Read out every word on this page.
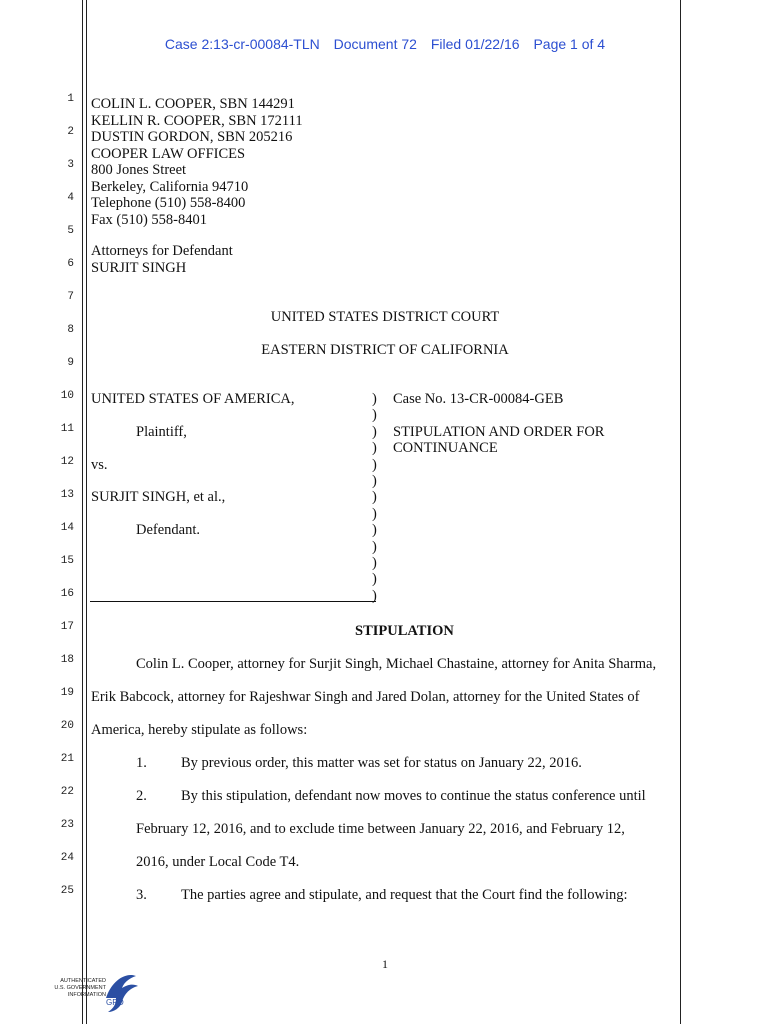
Case 2:13-cr-00084-TLN Document 72 Filed 01/22/16 Page 1 of 4
1
2
3
4
5
6
7
8
9
10
11
12
13
14
15
16
17
18
19
20
21
22
23
24
25
COLIN L. COOPER, SBN 144291
KELLIN R. COOPER, SBN 172111
DUSTIN GORDON, SBN 205216
COOPER LAW OFFICES
800 Jones Street
Berkeley, California 94710
Telephone (510) 558-8400
Fax (510) 558-8401
Attorneys for Defendant
SURJIT SINGH
UNITED STATES DISTRICT COURT
EASTERN DISTRICT OF CALIFORNIA
UNITED STATES OF AMERICA,
Plaintiff,
vs.
SURJIT SINGH, et al.,
Defendant.
)
)
)
)
)
)
)
)
)
)
)
)
)
Case No. 13-CR-00084-GEB
STIPULATION AND ORDER FOR
CONTINUANCE
STIPULATION
Colin L. Cooper, attorney for Surjit Singh, Michael Chastaine, attorney for Anita Sharma,
Erik Babcock, attorney for Rajeshwar Singh and Jared Dolan, attorney for the United States of
America, hereby stipulate as follows:
1. By previous order, this matter was set for status on January 22, 2016.
2. By this stipulation, defendant now moves to continue the status conference until
February 12, 2016, and to exclude time between January 22, 2016, and February 12,
2016, under Local Code T4.
3. The parties agree and stipulate, and request that the Court find the following:
1
AUTHENTICATED
U.S. GOVERNMENT
INFORMATION
GPO
